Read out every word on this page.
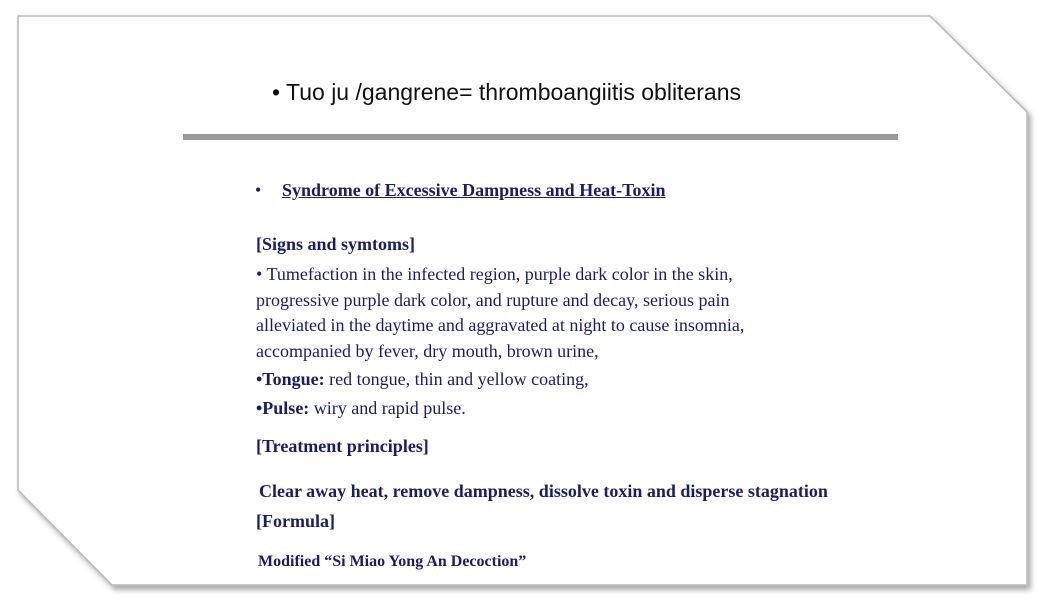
• Tuo ju /gangrene= thromboangiitis obliterans
• Syndrome of Excessive Dampness and Heat-Toxin
[Signs and symtoms]
• Tumefaction in the infected region, purple dark color in the skin,
progressive purple dark color, and rupture and decay, serious pain
alleviated in the daytime and aggravated at night to cause insomnia,
accompanied by fever, dry mouth, brown urine,
•Tongue: red tongue, thin and yellow coating,
•Pulse: wiry and rapid pulse.
[Treatment principles]
Clear away heat, remove dampness, dissolve toxin and disperse stagnation
[Formula]
Modified “Si Miao Yong An Decoction”
